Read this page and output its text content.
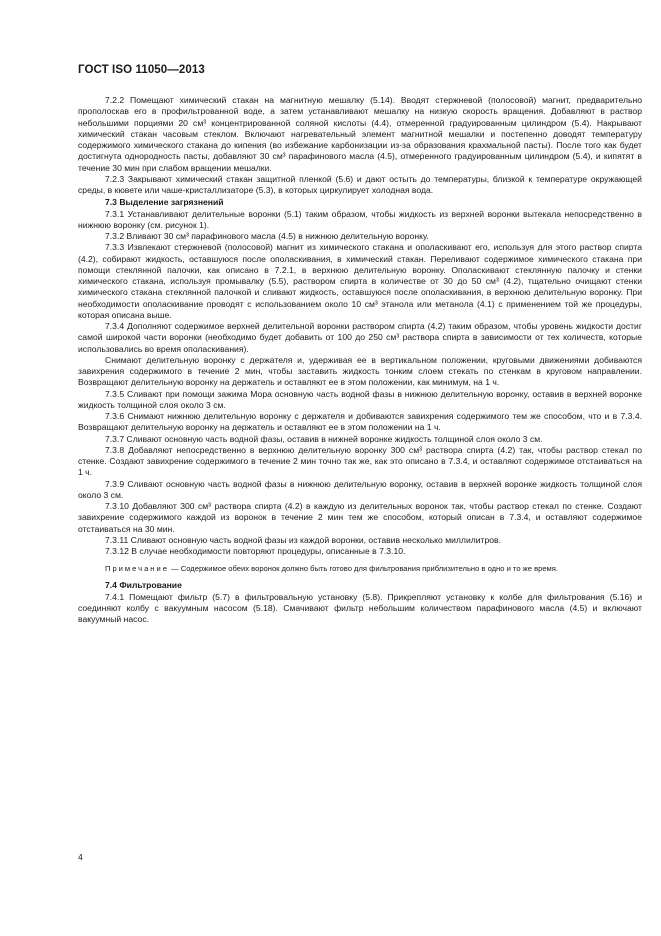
ГОСТ ISO 11050—2013

7.2.2 Помещают химический стакан на магнитную мешалку (5.14). Вводят стержневой (полосовой) магнит, предварительно прополоскав его в профильтрованной воде, а затем устанавливают мешалку на низкую скорость вращения. Добавляют в раствор небольшими порциями 20 см³ концентрированной соляной кислоты (4.4), отмеренной градуированным цилиндром (5.4). Накрывают химический стакан часовым стеклом. Включают нагревательный элемент магнитной мешалки и постепенно доводят температуру содержимого химического стакана до кипения (во избежание карбонизации из-за образования крахмальной пасты). После того как будет достигнута однородность пасты, добавляют 30 см³ парафинового масла (4.5), отмеренного градуированным цилиндром (5.4), и кипятят в течение 30 мин при слабом вращении мешалки.

7.2.3 Закрывают химический стакан защитной пленкой (5.6) и дают остыть до температуры, близкой к температуре окружающей среды, в кювете или чаше-кристаллизаторе (5.3), в которых циркулирует холодная вода.

7.3 Выделение загрязнений

7.3.1 Устанавливают делительные воронки (5.1) таким образом, чтобы жидкость из верхней воронки вытекала непосредственно в нижнюю воронку (см. рисунок 1).

7.3.2 Вливают 30 см³ парафинового масла (4.5) в нижнюю делительную воронку.

7.3.3 Извлекают стержневой (полосовой) магнит из химического стакана и ополаскивают его, используя для этого раствор спирта (4.2), собирают жидкость, оставшуюся после ополаскивания, в химический стакан. Переливают содержимое химического стакана при помощи стеклянной палочки, как описано в 7.2.1, в верхнюю делительную воронку. Ополаскивают стеклянную палочку и стенки химического стакана, используя промывалку (5.5), раствором спирта в количестве от 30 до 50 см³ (4.2), тщательно очищают стенки химического стакана стеклянной палочкой и сливают жидкость, оставшуюся после ополаскивания, в верхнюю делительную воронку. При необходимости ополаскивание проводят с использованием около 10 см³ этанола или метанола (4.1) с применением той же процедуры, которая описана выше.

7.3.4 Дополняют содержимое верхней делительной воронки раствором спирта (4.2) таким образом, чтобы уровень жидкости достиг самой широкой части воронки (необходимо будет добавить от 100 до 250 см³ раствора спирта в зависимости от тех количеств, которые использовались во время ополаскивания).

Снимают делительную воронку с держателя и, удерживая ее в вертикальном положении, круговыми движениями добиваются завихрения содержимого в течение 2 мин, чтобы заставить жидкость тонким слоем стекать по стенкам в круговом направлении. Возвращают делительную воронку на держатель и оставляют ее в этом положении, как минимум, на 1 ч.

7.3.5 Сливают при помощи зажима Мора основную часть водной фазы в нижнюю делительную воронку, оставив в верхней воронке жидкость толщиной слоя около 3 см.

7.3.6 Снимают нижнюю делительную воронку с держателя и добиваются завихрения содержимого тем же способом, что и в 7.3.4. Возвращают делительную воронку на держатель и оставляют ее в этом положении на 1 ч.

7.3.7 Сливают основную часть водной фазы, оставив в нижней воронке жидкость толщиной слоя около 3 см.

7.3.8 Добавляют непосредственно в верхнюю делительную воронку 300 см³ раствора спирта (4.2) так, чтобы раствор стекал по стенке. Создают завихрение содержимого в течение 2 мин точно так же, как это описано в 7.3.4, и оставляют содержимое отстаиваться на 1 ч.

7.3.9 Сливают основную часть водной фазы в нижнюю делительную воронку, оставив в верхней воронке жидкость толщиной слоя около 3 см.

7.3.10 Добавляют 300 см³ раствора спирта (4.2) в каждую из делительных воронок так, чтобы раствор стекал по стенке. Создают завихрение содержимого каждой из воронок в течение 2 мин тем же способом, который описан в 7.3.4, и оставляют содержимое отстаиваться на 30 мин.

7.3.11 Сливают основную часть водной фазы из каждой воронки, оставив несколько миллилитров.

7.3.12 В случае необходимости повторяют процедуры, описанные в 7.3.10.

Примечание — Содержимое обеих воронок должно быть готово для фильтрования приблизительно в одно и то же время.

7.4 Фильтрование

7.4.1 Помещают фильтр (5.7) в фильтровальную установку (5.8). Прикрепляют установку к колбе для фильтрования (5.16) и соединяют колбу с вакуумным насосом (5.18). Смачивают фильтр небольшим количеством парафинового масла (4.5) и включают вакуумный насос.

4
